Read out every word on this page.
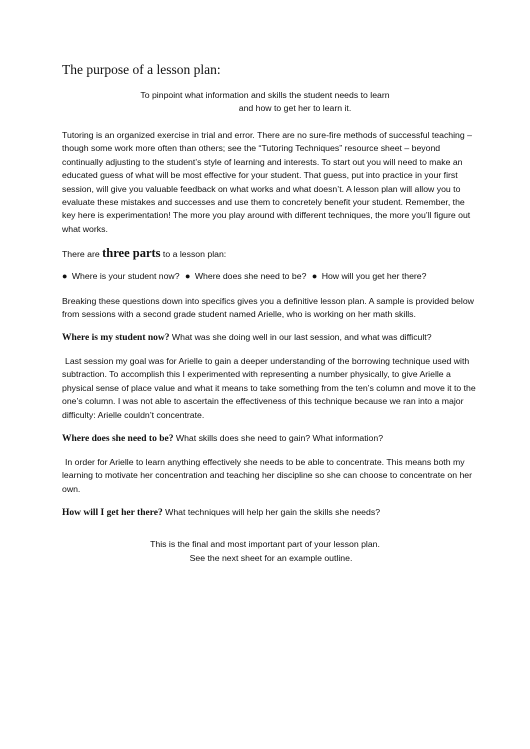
The purpose of a lesson plan:
To pinpoint what information and skills the student needs to learn
and how to get her to learn it.

Tutoring is an organized exercise in trial and error. There are no sure-fire methods of successful teaching – though some work more often than others; see the “Tutoring Techniques” resource sheet – beyond continually adjusting to the student’s style of learning and interests. To start out you will need to make an educated guess of what will be most effective for your student. That guess, put into practice in your first session, will give you valuable feedback on what works and what doesn’t. A lesson plan will allow you to evaluate these mistakes and successes and use them to concretely benefit your student. Remember, the key here is experimentation! The more you play around with different techniques, the more you’ll figure out what works.

There are three parts to a lesson plan:
● Where is your student now? ● Where does she need to be? ● How will you get her there?

Breaking these questions down into specifics gives you a definitive lesson plan. A sample is provided below from sessions with a second grade student named Arielle, who is working on her math skills.

Where is my student now? What was she doing well in our last session, and what was difficult?

Last session my goal was for Arielle to gain a deeper understanding of the borrowing technique used with subtraction. To accomplish this I experimented with representing a number physically, to give Arielle a physical sense of place value and what it means to take something from the ten’s column and move it to the one’s column. I was not able to ascertain the effectiveness of this technique because we ran into a major difficulty: Arielle couldn’t concentrate.

Where does she need to be? What skills does she need to gain? What information?

In order for Arielle to learn anything effectively she needs to be able to concentrate. This means both my learning to motivate her concentration and teaching her discipline so she can choose to concentrate on her own.

How will I get her there? What techniques will help her gain the skills she needs?
This is the final and most important part of your lesson plan.
See the next sheet for an example outline.
